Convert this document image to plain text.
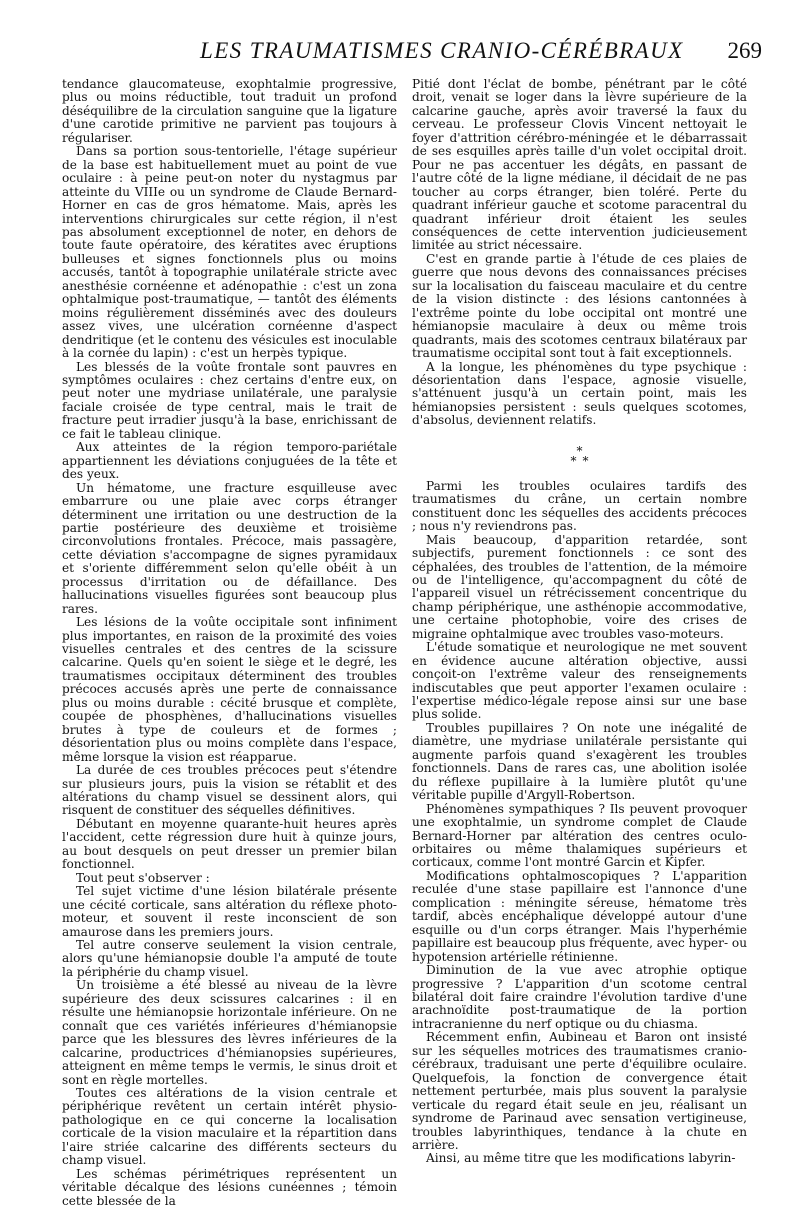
LES TRAUMATISMES CRANIO-CÉRÉBRAUX 269

tendance glaucomateuse, exophtalmie progressive, plus ou moins réductible, tout traduit un profond déséquilibre de la circulation sanguine que la ligature d'une carotide primitive ne parvient pas toujours à régulariser.

Dans sa portion sous-tentorielle, l'étage supérieur de la base est habituellement muet au point de vue oculaire : à peine peut-on noter du nystagmus par atteinte du VIIIe ou un syndrome de Claude Bernard-Horner en cas de gros hématome. Mais, après les interventions chirurgicales sur cette région, il n'est pas absolument exceptionnel de noter, en dehors de toute faute opératoire, des kératites avec éruptions bulleuses et signes fonctionnels plus ou moins accusés, tantôt à topographie unilatérale stricte avec anesthésie cornéenne et adénopathie : c'est un zona ophtalmique post-traumatique, — tantôt des éléments moins régulièrement disséminés avec des douleurs assez vives, une ulcération cornéenne d'aspect dendritique (et le contenu des vésicules est inoculable à la cornée du lapin) : c'est un herpès typique.

Les blessés de la voûte frontale sont pauvres en symptômes oculaires : chez certains d'entre eux, on peut noter une mydriase unilatérale, une paralysie faciale croisée de type central, mais le trait de fracture peut irradier jusqu'à la base, enrichissant de ce fait le tableau clinique.

Aux atteintes de la région temporo-pariétale appartiennent les déviations conjuguées de la tête et des yeux.

Un hématome, une fracture esquilleuse avec embarrure ou une plaie avec corps étranger déterminent une irritation ou une destruction de la partie postérieure des deuxième et troisième circonvolutions frontales. Précoce, mais passagère, cette déviation s'accompagne de signes pyramidaux et s'oriente différemment selon qu'elle obéit à un processus d'irritation ou de défaillance. Des hallucinations visuelles figurées sont beaucoup plus rares.

Les lésions de la voûte occipitale sont infiniment plus importantes, en raison de la proximité des voies visuelles centrales et des centres de la scissure calcarine. Quels qu'en soient le siège et le degré, les traumatismes occipitaux déterminent des troubles précoces accusés après une perte de connaissance plus ou moins durable : cécité brusque et complète, coupée de phosphènes, d'hallucinations visuelles brutes à type de couleurs et de formes ; désorientation plus ou moins complète dans l'espace, même lorsque la vision est réapparue.

La durée de ces troubles précoces peut s'étendre sur plusieurs jours, puis la vision se rétablit et des altérations du champ visuel se dessinent alors, qui risquent de constituer des séquelles définitives.

Débutant en moyenne quarante-huit heures après l'accident, cette régression dure huit à quinze jours, au bout desquels on peut dresser un premier bilan fonctionnel.

Tout peut s'observer :

Tel sujet victime d'une lésion bilatérale présente une cécité corticale, sans altération du réflexe photo-moteur, et souvent il reste inconscient de son amaurose dans les premiers jours.

Tel autre conserve seulement la vision centrale, alors qu'une hémianopsie double l'a amputé de toute la périphérie du champ visuel.

Un troisième a été blessé au niveau de la lèvre supérieure des deux scissures calcarines : il en résulte une hémianopsie horizontale inférieure. On ne connaît que ces variétés inférieures d'hémianopsie parce que les blessures des lèvres inférieures de la calcarine, productrices d'hémianopsies supérieures, atteignent en même temps le vermis, le sinus droit et sont en règle mortelles.

Toutes ces altérations de la vision centrale et périphérique revêtent un certain intérêt physio-pathologique en ce qui concerne la localisation corticale de la vision maculaire et la répartition dans l'aire striée calcarine des différents secteurs du champ visuel.

Les schémas périmétriques représentent un véritable décalque des lésions cunéennes ; témoin cette blessée de la

Pitié dont l'éclat de bombe, pénétrant par le côté droit, venait se loger dans la lèvre supérieure de la calcarine gauche, après avoir traversé la faux du cerveau. Le professeur Clovis Vincent nettoyait le foyer d'attrition cérébro-méningée et le débarrassait de ses esquilles après taille d'un volet occipital droit. Pour ne pas accentuer les dégâts, en passant de l'autre côté de la ligne médiane, il décidait de ne pas toucher au corps étranger, bien toléré. Perte du quadrant inférieur gauche et scotome paracentral du quadrant inférieur droit étaient les seules conséquences de cette intervention judicieusement limitée au strict nécessaire.

C'est en grande partie à l'étude de ces plaies de guerre que nous devons des connaissances précises sur la localisation du faisceau maculaire et du centre de la vision distincte : des lésions cantonnées à l'extrême pointe du lobe occipital ont montré une hémianopsie maculaire à deux ou même trois quadrants, mais des scotomes centraux bilatéraux par traumatisme occipital sont tout à fait exceptionnels.

A la longue, les phénomènes du type psychique : désorientation dans l'espace, agnosie visuelle, s'atténuent jusqu'à un certain point, mais les hémianopsies persistent : seuls quelques scotomes, d'absolus, deviennent relatifs.

*
**

Parmi les troubles oculaires tardifs des traumatismes du crâne, un certain nombre constituent donc les séquelles des accidents précoces ; nous n'y reviendrons pas.

Mais beaucoup, d'apparition retardée, sont subjectifs, purement fonctionnels : ce sont des céphalées, des troubles de l'attention, de la mémoire ou de l'intelligence, qu'accompagnent du côté de l'appareil visuel un rétrécissement concentrique du champ périphérique, une asthénopie accommodative, une certaine photophobie, voire des crises de migraine ophtalmique avec troubles vaso-moteurs.

L'étude somatique et neurologique ne met souvent en évidence aucune altération objective, aussi conçoit-on l'extrême valeur des renseignements indiscutables que peut apporter l'examen oculaire : l'expertise médico-légale repose ainsi sur une base plus solide.

Troubles pupillaires ? On note une inégalité de diamètre, une mydriase unilatérale persistante qui augmente parfois quand s'exagèrent les troubles fonctionnels. Dans de rares cas, une abolition isolée du réflexe pupillaire à la lumière plutôt qu'une véritable pupille d'Argyll-Robertson.

Phénomènes sympathiques ? Ils peuvent provoquer une exophtalmie, un syndrome complet de Claude Bernard-Horner par altération des centres oculo-orbitaires ou même thalamiques supérieurs et corticaux, comme l'ont montré Garcin et Kipfer.

Modifications ophtalmoscopiques ? L'apparition reculée d'une stase papillaire est l'annonce d'une complication : méningite séreuse, hématome très tardif, abcès encéphalique développé autour d'une esquille ou d'un corps étranger. Mais l'hyperhémie papillaire est beaucoup plus fréquente, avec hyper- ou hypotension artérielle rétinienne.

Diminution de la vue avec atrophie optique progressive ? L'apparition d'un scotome central bilatéral doit faire craindre l'évolution tardive d'une arachnoïdite post-traumatique de la portion intracranienne du nerf optique ou du chiasma.

Récemment enfin, Aubineau et Baron ont insisté sur les séquelles motrices des traumatismes cranio-cérébraux, traduisant une perte d'équilibre oculaire. Quelquefois, la fonction de convergence était nettement perturbée, mais plus souvent la paralysie verticale du regard était seule en jeu, réalisant un syndrome de Parinaud avec sensation vertigineuse, troubles labyrinthiques, tendance à la chute en arrière.

Ainsi, au même titre que les modifications labyrin-
